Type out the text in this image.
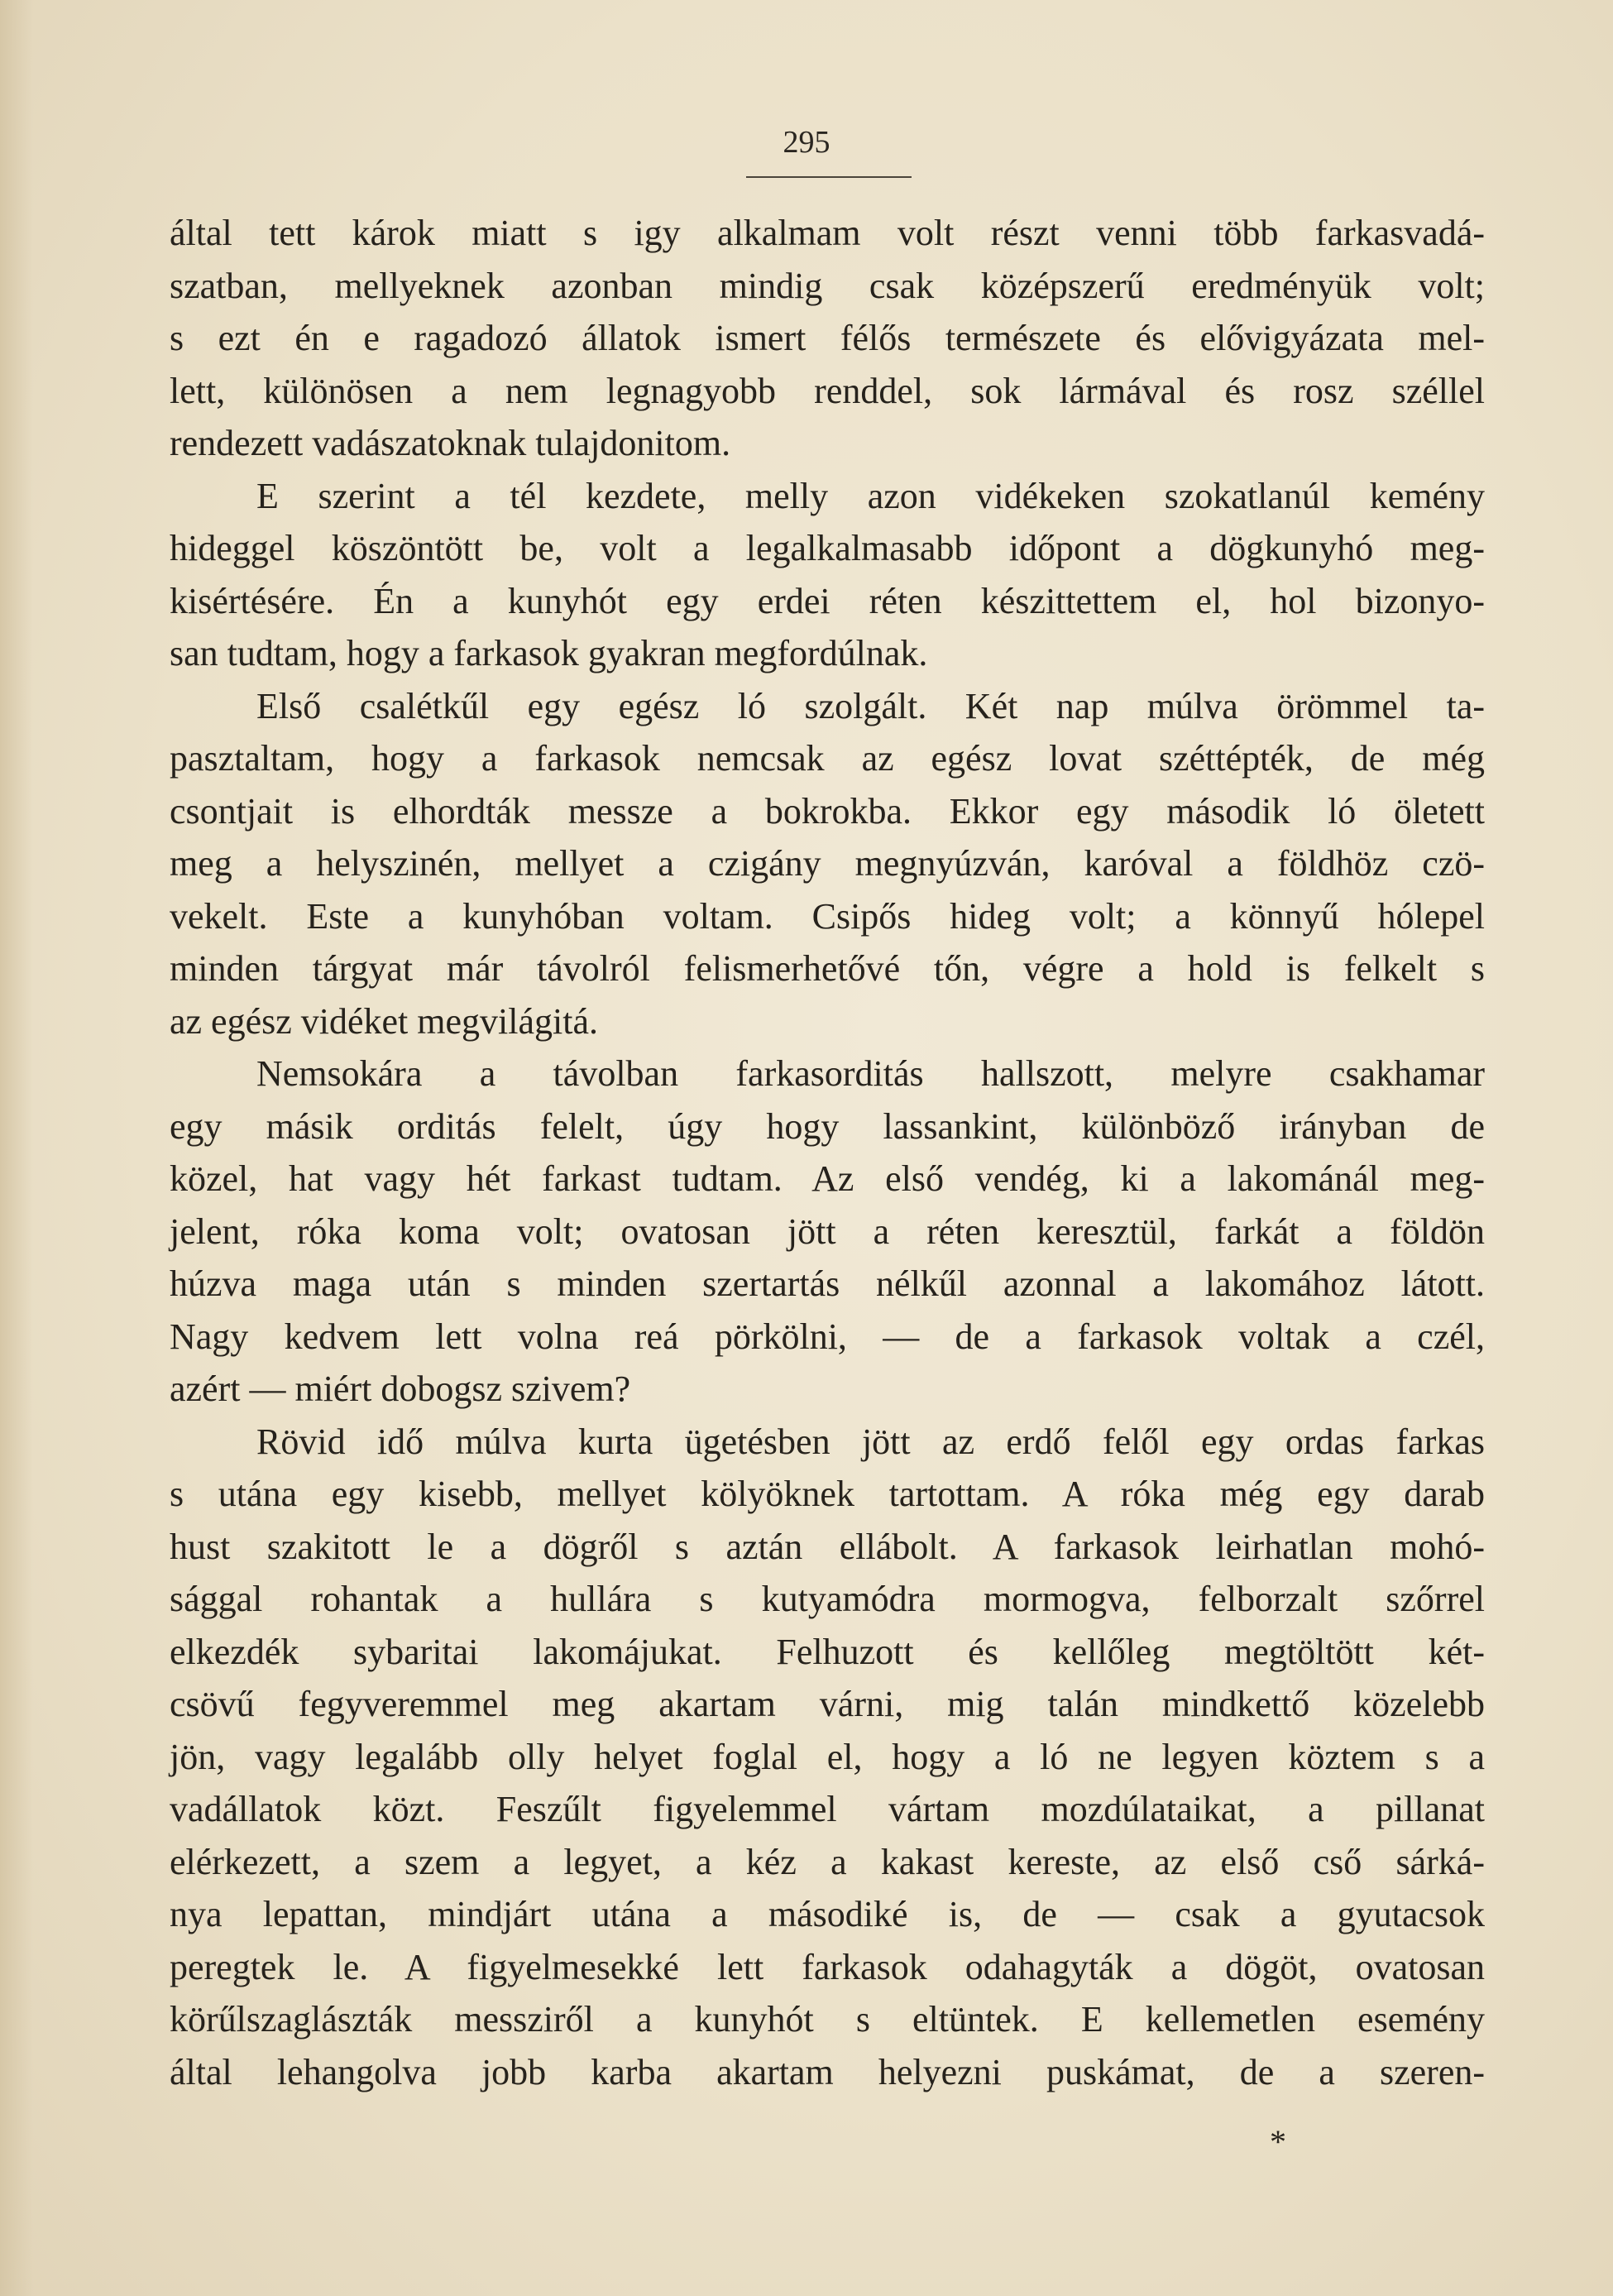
295
által tett károk miatt s igy alkalmam volt részt venni több farkasvadá-
szatban, mellyeknek azonban mindig csak középszerű eredményük volt;
s ezt én e ragadozó állatok ismert félős természete és elővigyázata mel-
lett, különösen a nem legnagyobb renddel, sok lármával és rosz széllel
rendezett vadászatoknak tulajdonitom.
E szerint a tél kezdete, melly azon vidékeken szokatlanúl kemény
hideggel köszöntött be, volt a legalkalmasabb időpont a dögkunyhó meg-
kisértésére. Én a kunyhót egy erdei réten készittettem el, hol bizonyo-
san tudtam, hogy a farkasok gyakran megfordúlnak.
Első csalétkűl egy egész ló szolgált. Két nap múlva örömmel ta-
pasztaltam, hogy a farkasok nemcsak az egész lovat széttépték, de még
csontjait is elhordták messze a bokrokba. Ekkor egy második ló öletett
meg a helyszinén, mellyet a czigány megnyúzván, karóval a földhöz czö-
vekelt. Este a kunyhóban voltam. Csipős hideg volt; a könnyű hólepel
minden tárgyat már távolról felismerhetővé tőn, végre a hold is felkelt s
az egész vidéket megvilágitá.
Nemsokára a távolban farkasorditás hallszott, melyre csakhamar
egy másik orditás felelt, úgy hogy lassankint, különböző irányban de
közel, hat vagy hét farkast tudtam. Az első vendég, ki a lakománál meg-
jelent, róka koma volt; ovatosan jött a réten keresztül, farkát a földön
húzva maga után s minden szertartás nélkűl azonnal a lakomához látott.
Nagy kedvem lett volna reá pörkölni, — de a farkasok voltak a czél,
azért — miért dobogsz szivem?
Rövid idő múlva kurta ügetésben jött az erdő felől egy ordas farkas
s utána egy kisebb, mellyet kölyöknek tartottam. A róka még egy darab
hust szakitott le a dögről s aztán ellábolt. A farkasok leirhatlan mohó-
sággal rohantak a hullára s kutyamódra mormogva, felborzalt szőrrel
elkezdék sybaritai lakomájukat. Felhuzott és kellőleg megtöltött két-
csövű fegyveremmel meg akartam várni, mig talán mindkettő közelebb
jön, vagy legalább olly helyet foglal el, hogy a ló ne legyen köztem s a
vadállatok közt. Feszűlt figyelemmel vártam mozdúlataikat, a pillanat
elérkezett, a szem a legyet, a kéz a kakast kereste, az első cső sárká-
nya lepattan, mindjárt utána a másodiké is, de — csak a gyutacsok
peregtek le. A figyelmesekké lett farkasok odahagyták a dögöt, ovatosan
körűlszaglászták messziről a kunyhót s eltüntek. E kellemetlen esemény
által lehangolva jobb karba akartam helyezni puskámat, de a szeren-
*
